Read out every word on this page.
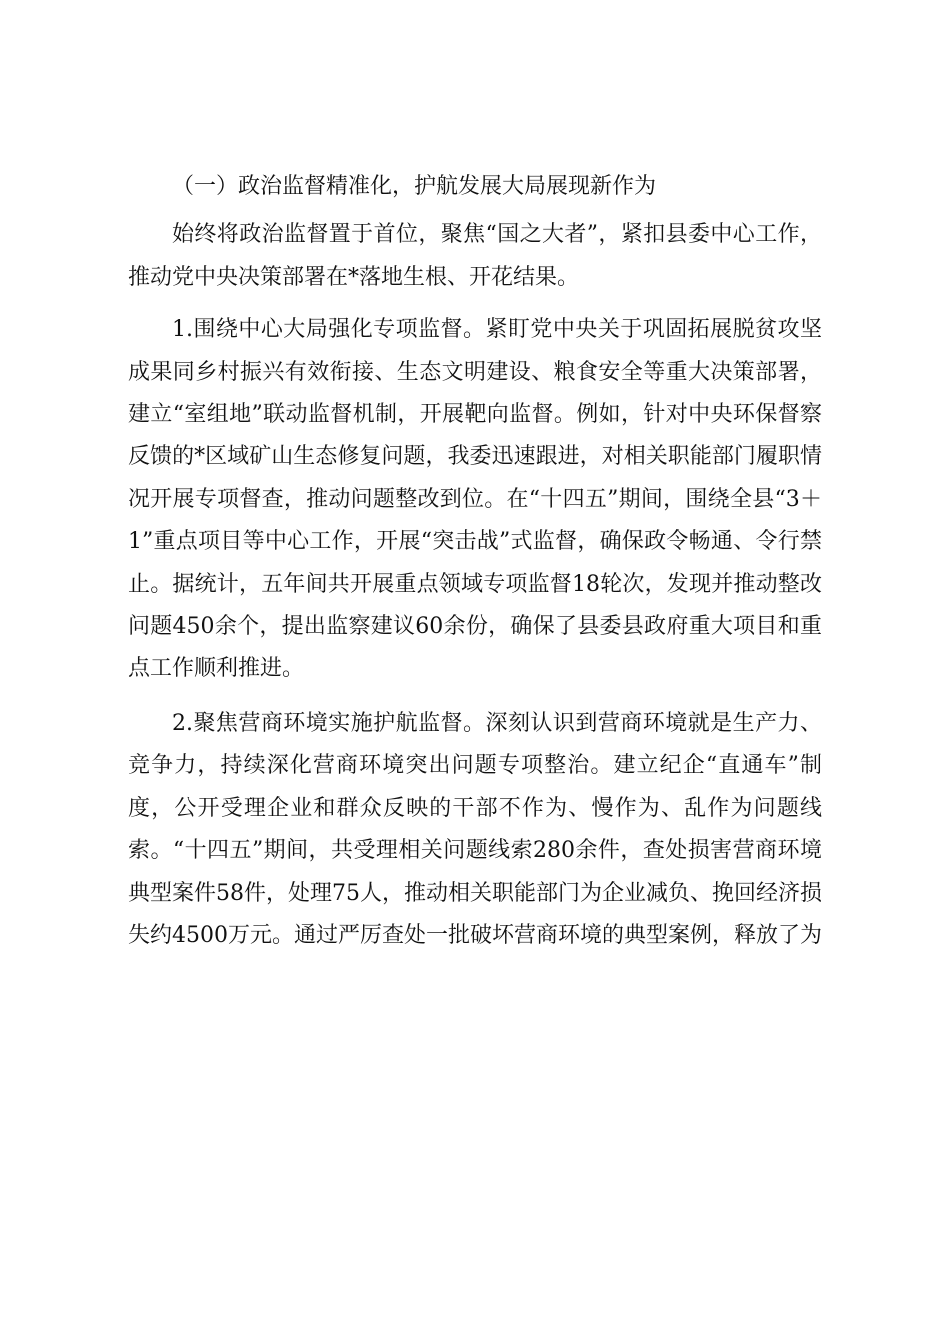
（一）政治监督精准化，护航发展大局展现新作为

始终将政治监督置于首位，聚焦“国之大者”，紧扣县委中心工作，推动党中央决策部署在*落地生根、开花结果。

1.围绕中心大局强化专项监督。紧盯党中央关于巩固拓展脱贫攻坚成果同乡村振兴有效衔接、生态文明建设、粮食安全等重大决策部署，建立“室组地”联动监督机制，开展靶向监督。例如，针对中央环保督察反馈的*区域矿山生态修复问题，我委迅速跟进，对相关职能部门履职情况开展专项督查，推动问题整改到位。在“十四五”期间，围绕全县“3＋1”重点项目等中心工作，开展“突击战”式监督，确保政令畅通、令行禁止。据统计，五年间共开展重点领域专项监督18轮次，发现并推动整改问题450余个，提出监察建议60余份，确保了县委县政府重大项目和重点工作顺利推进。

2.聚焦营商环境实施护航监督。深刻认识到营商环境就是生产力、竞争力，持续深化营商环境突出问题专项整治。建立纪企“直通车”制度，公开受理企业和群众反映的干部不作为、慢作为、乱作为问题线索。“十四五”期间，共受理相关问题线索280余件，查处损害营商环境典型案件58件，处理75人，推动相关职能部门为企业减负、挽回经济损失约4500万元。通过严厉查处一批破坏营商环境的典型案例，释放了为
